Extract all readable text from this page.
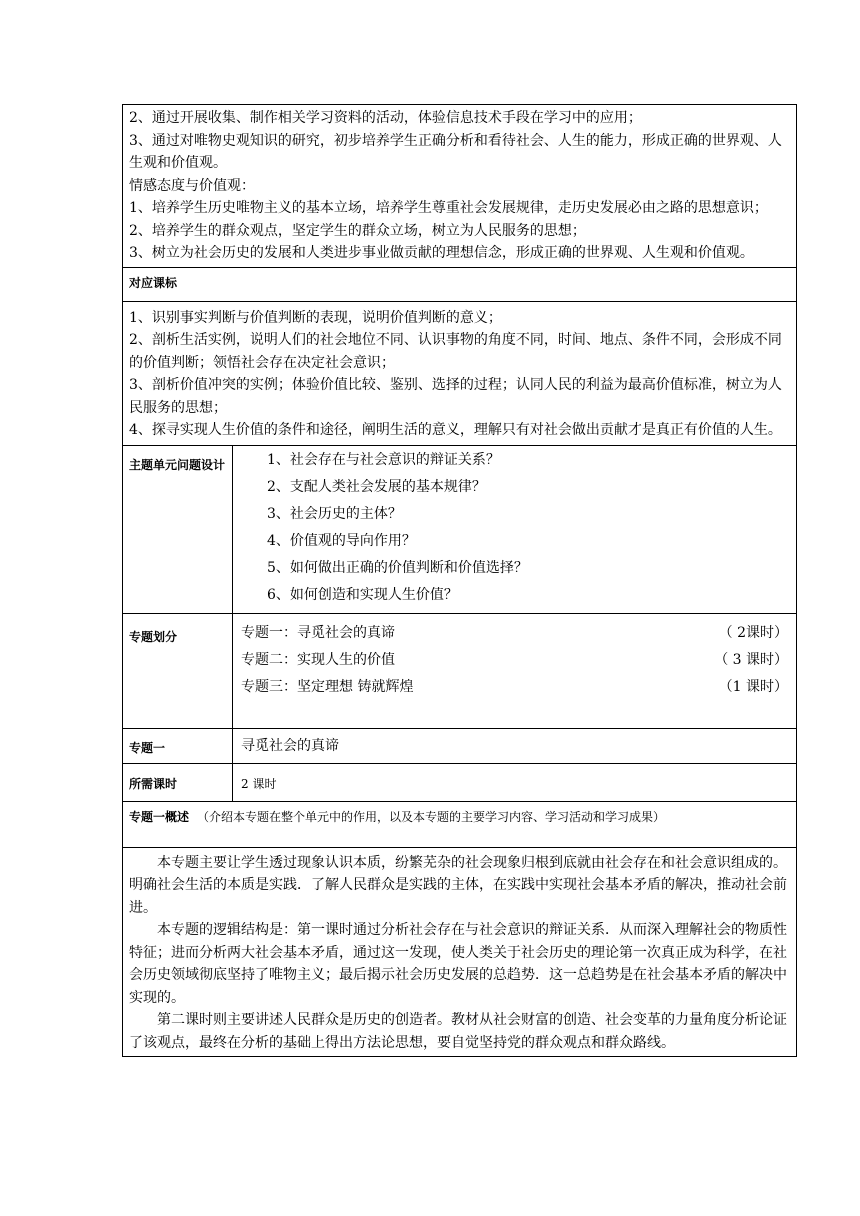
2、通过开展收集、制作相关学习资料的活动，体验信息技术手段在学习中的应用；

3、通过对唯物史观知识的研究，初步培养学生正确分析和看待社会、人生的能力，形成正确的世界观、人生观和价值观。

情感态度与价值观：

1、培养学生历史唯物主义的基本立场，培养学生尊重社会发展规律，走历史发展必由之路的思想意识；

2、培养学生的群众观点，坚定学生的群众立场，树立为人民服务的思想；

3、树立为社会历史的发展和人类进步事业做贡献的理想信念，形成正确的世界观、人生观和价值观。

对应课标

1、识别事实判断与价值判断的表现，说明价值判断的意义；

2、剖析生活实例，说明人们的社会地位不同、认识事物的角度不同，时间、地点、条件不同，会形成不同的价值判断；领悟社会存在决定社会意识；

3、剖析价值冲突的实例；体验价值比较、鉴别、选择的过程；认同人民的利益为最高价值标准，树立为人民服务的思想；

4、探寻实现人生价值的条件和途径，阐明生活的意义，理解只有对社会做出贡献才是真正有价值的人生。

主题单元问题设计	1、社会存在与社会意识的辩证关系？
2、支配人类社会发展的基本规律？
3、社会历史的主体？
4、价值观的导向作用？
5、如何做出正确的价值判断和价值选择？
6、如何创造和实现人生价值？
专题划分	专题一：寻觅社会的真谛	（ 2课时）
专题二：实现人生的价值	（ 3 课时）
专题三：坚定理想 铸就辉煌	（1 课时）
专题一	寻觅社会的真谛
所需课时	2 课时
专题一概述 （介绍本专题在整个单元中的作用，以及本专题的主要学习内容、学习活动和学习成果）

本专题主要让学生透过现象认识本质，纷繁芜杂的社会现象归根到底就由社会存在和社会意识组成的。明确社会生活的本质是实践．了解人民群众是实践的主体，在实践中实现社会基本矛盾的解决，推动社会前进。

本专题的逻辑结构是：第一课时通过分析社会存在与社会意识的辩证关系．从而深入理解社会的物质性特征；进而分析两大社会基本矛盾，通过这一发现，使人类关于社会历史的理论第一次真正成为科学，在社会历史领域彻底坚持了唯物主义；最后揭示社会历史发展的总趋势．这一总趋势是在社会基本矛盾的解决中实现的。

第二课时则主要讲述人民群众是历史的创造者。教材从社会财富的创造、社会变革的力量角度分析论证了该观点，最终在分析的基础上得出方法论思想，要自觉坚持党的群众观点和群众路线。
